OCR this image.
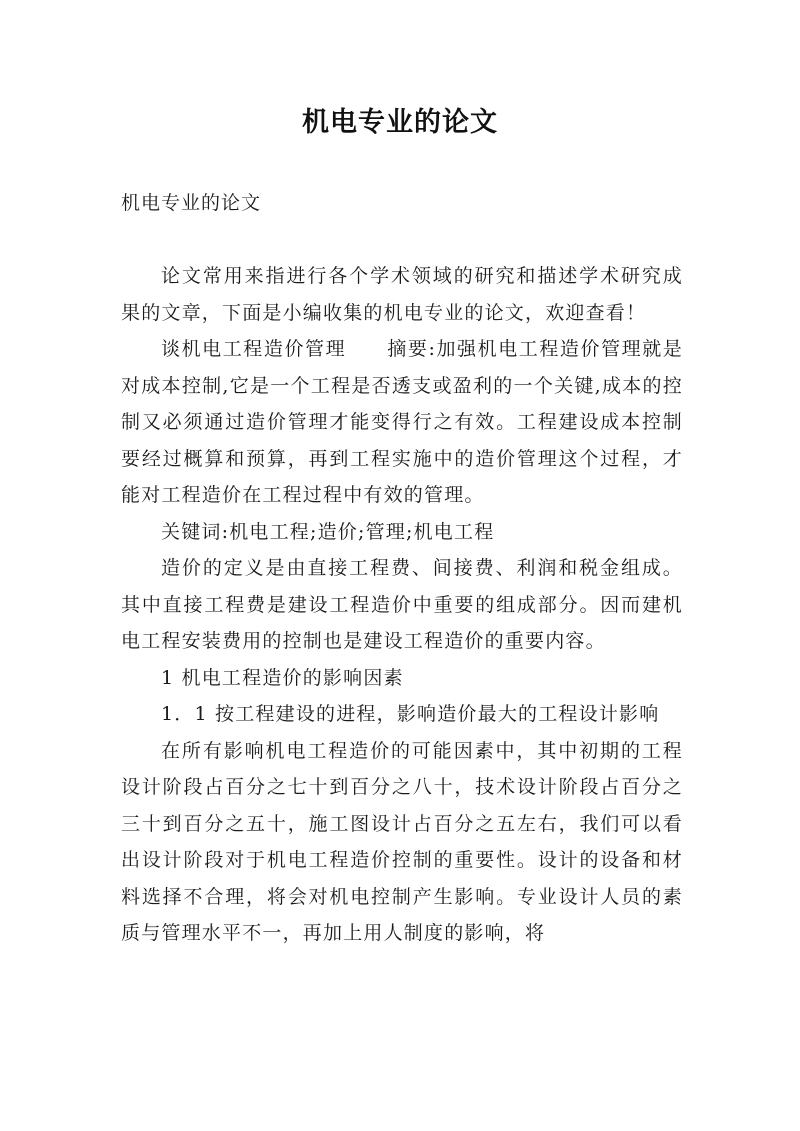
机电专业的论文
机电专业的论文

论文常用来指进行各个学术领域的研究和描述学术研究成果的文章，下面是小编收集的机电专业的论文，欢迎查看！

谈机电工程造价管理　　摘要:加强机电工程造价管理就是对成本控制,它是一个工程是否透支或盈利的一个关键,成本的控制又必须通过造价管理才能变得行之有效。工程建设成本控制要经过概算和预算，再到工程实施中的造价管理这个过程，才能对工程造价在工程过程中有效的管理。

关键词:机电工程;造价;管理;机电工程

造价的定义是由直接工程费、间接费、利润和税金组成。其中直接工程费是建设工程造价中重要的组成部分。因而建机电工程安装费用的控制也是建设工程造价的重要内容。

1 机电工程造价的影响因素

1．1 按工程建设的进程，影响造价最大的工程设计影响

在所有影响机电工程造价的可能因素中，其中初期的工程设计阶段占百分之七十到百分之八十，技术设计阶段占百分之三十到百分之五十，施工图设计占百分之五左右，我们可以看出设计阶段对于机电工程造价控制的重要性。设计的设备和材料选择不合理，将会对机电控制产生影响。专业设计人员的素质与管理水平不一，再加上用人制度的影响，将
